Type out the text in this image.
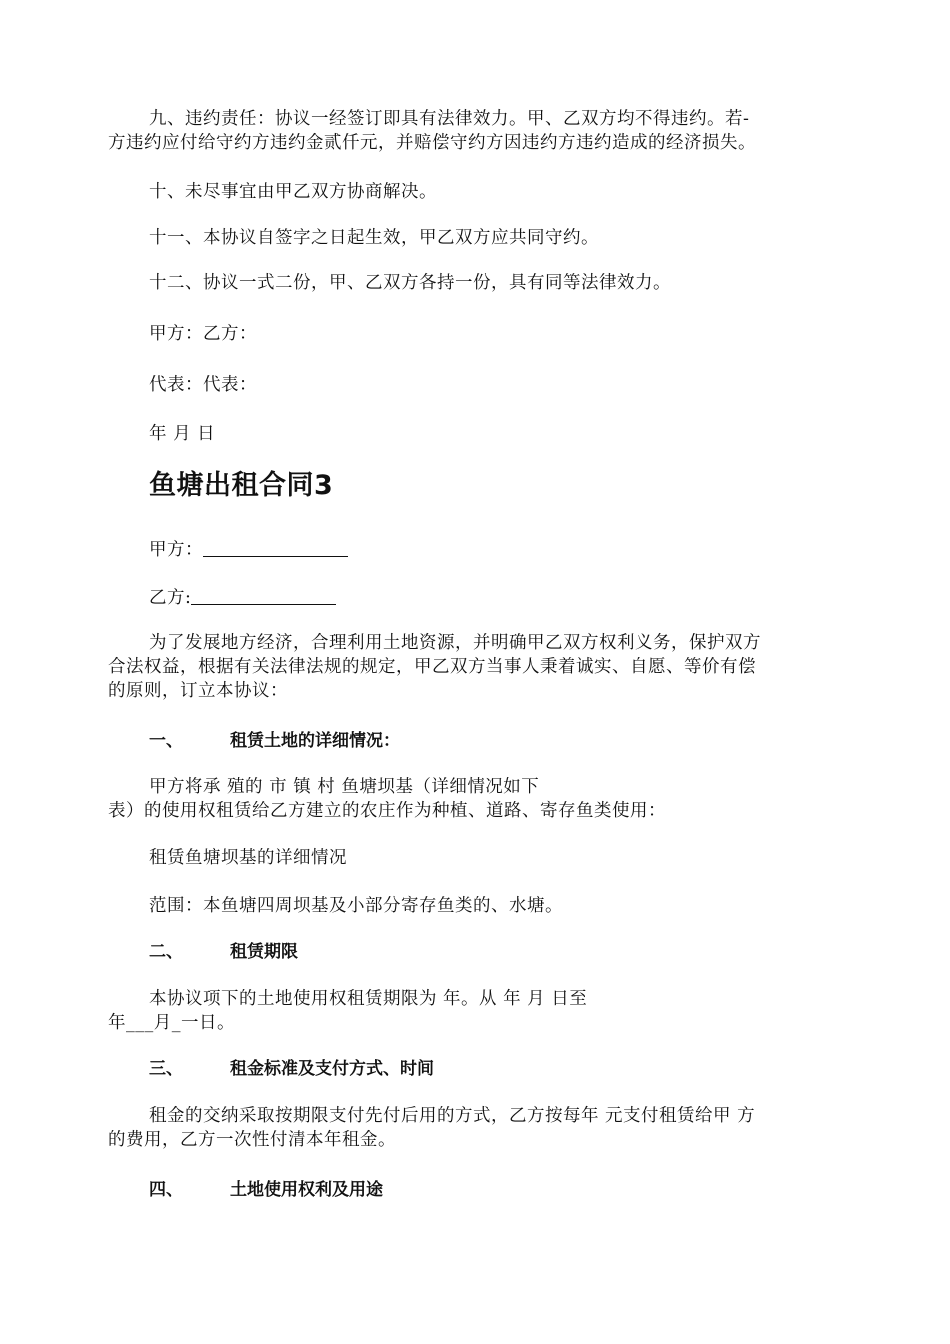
九、违约责任：协议一经签订即具有法律效力。甲、乙双方均不得违约。若-
方违约应付给守约方违约金贰仟元，并赔偿守约方因违约方违约造成的经济损失。
十、未尽事宜由甲乙双方协商解决。
十一、本协议自签字之日起生效，甲乙双方应共同守约。
十二、协议一式二份，甲、乙双方各持一份，具有同等法律效力。
甲方：乙方：
代表：代表：
年 月 日
鱼塘出租合同3
甲方：
乙方:
为了发展地方经济，合理利用土地资源，并明确甲乙双方权利义务，保护双方
合法权益，根据有关法律法规的规定，甲乙双方当事人秉着诚实、自愿、等价有偿
的原则，订立本协议：
一、	租赁土地的详细情况：
甲方将承 殖的 市 镇 村 鱼塘坝基（详细情况如下
表）的使用权租赁给乙方建立的农庄作为种植、道路、寄存鱼类使用：
租赁鱼塘坝基的详细情况
范围：本鱼塘四周坝基及小部分寄存鱼类的、水塘。
二、	租赁期限
本协议项下的土地使用权租赁期限为 年。从 年 月 日至
年___月_一日。
三、	租金标准及支付方式、时间
租金的交纳采取按期限支付先付后用的方式，乙方按每年 元支付租赁给甲 方
的费用，乙方一次性付清本年租金。
四、	土地使用权利及用途
